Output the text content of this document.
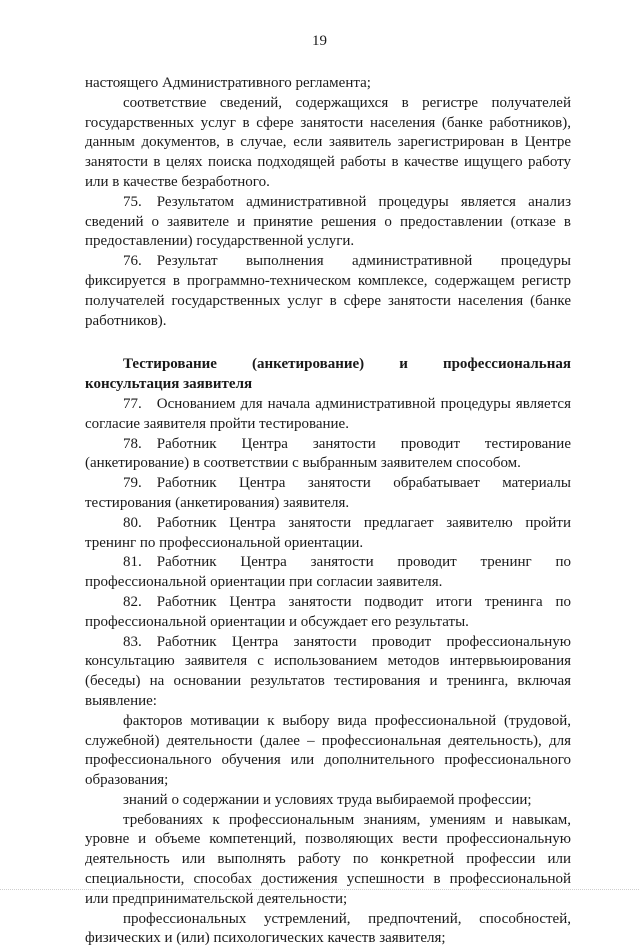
19

настоящего Административного регламента;

соответствие сведений, содержащихся в регистре получателей государственных услуг в сфере занятости населения (банке работников), данным документов, в случае, если заявитель зарегистрирован в Центре занятости в целях поиска подходящей работы в качестве ищущего работу или в качестве безработного.

75. Результатом административной процедуры является анализ сведений о заявителе и принятие решения о предоставлении (отказе в предоставлении) государственной услуги.

76. Результат выполнения административной процедуры фиксируется в программно-техническом комплексе, содержащем регистр получателей государственных услуг в сфере занятости населения (банке работников).

Тестирование (анкетирование) и профессиональная

консультация заявителя

77. Основанием для начала административной процедуры является согласие заявителя пройти тестирование.

78. Работник Центра занятости проводит тестирование (анкетирование) в соответствии с выбранным заявителем способом.

79. Работник Центра занятости обрабатывает материалы тестирования (анкетирования) заявителя.

80. Работник Центра занятости предлагает заявителю пройти тренинг по профессиональной ориентации.

81. Работник Центра занятости проводит тренинг по профессиональной ориентации при согласии заявителя.

82. Работник Центра занятости подводит итоги тренинга по профессиональной ориентации и обсуждает его результаты.

83. Работник Центра занятости проводит профессиональную консультацию заявителя с использованием методов интервьюирования (беседы) на основании результатов тестирования и тренинга, включая выявление:

факторов мотивации к выбору вида профессиональной (трудовой, служебной) деятельности (далее – профессиональная деятельность), для профессионального обучения или дополнительного профессионального образования;

знаний о содержании и условиях труда выбираемой профессии;

требованиях к профессиональным знаниям, умениям и навыкам, уровне и объеме компетенций, позволяющих вести профессиональную деятельность или выполнять работу по конкретной профессии или специальности, способах достижения успешности в профессиональной или предпринимательской деятельности;

профессиональных устремлений, предпочтений, способностей, физических и (или) психологических качеств заявителя;
